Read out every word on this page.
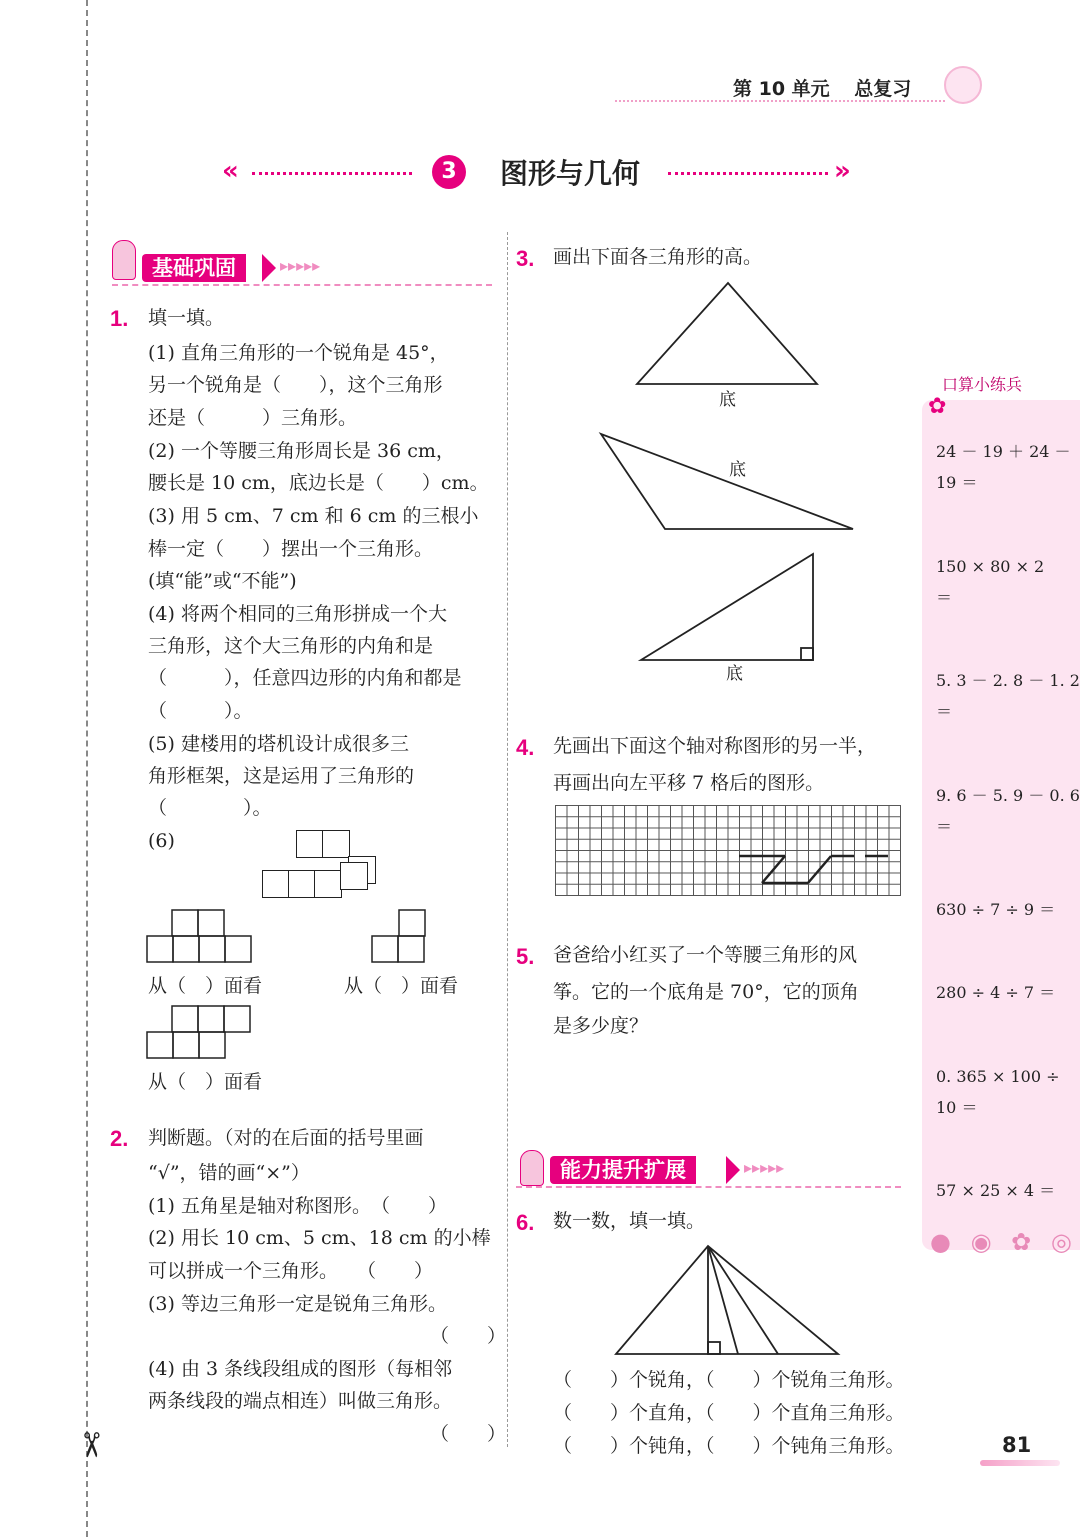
✂
第 10 单元 总复习
«	3	图形与几何	»
基础巩固	▸▸▸▸▸
1. 填一填。
(1) 直角三角形的一个锐角是 45°，
另一个锐角是（　　），这个三角形
还是（　　　）三角形。
(2) 一个等腰三角形周长是 36 cm，
腰长是 10 cm，底边长是（　　）cm。
(3) 用 5 cm、7 cm 和 6 cm 的三根小
棒一定（　　）摆出一个三角形。
(填“能”或“不能”)
(4) 将两个相同的三角形拼成一个大
三角形，这个大三角形的内角和是
（　　　），任意四边形的内角和都是
（　　　）。
(5) 建楼用的塔机设计成很多三
角形框架，这是运用了三角形的
（　　　　）。
(6)
从（　）面看	从（　）面看
从（　）面看
2. 判断题。（对的在后面的括号里画
“√”，错的画“×”）
(1) 五角星是轴对称图形。　（　　）
(2) 用长 10 cm、5 cm、18 cm 的小棒
可以拼成一个三角形。　　（　　）
(3) 等边三角形一定是锐角三角形。
（　　）
(4) 由 3 条线段组成的图形（每相邻
两条线段的端点相连）叫做三角形。
（　　）
3. 画出下面各三角形的高。
底
底
底
4. 先画出下面这个轴对称图形的另一半，
再画出向左平移 7 格后的图形。
5. 爸爸给小红买了一个等腰三角形的风
筝。它的一个底角是 70°，它的顶角
是多少度？
能力提升扩展	▸▸▸▸▸
6. 数一数，填一填。
（　　）个锐角，（　　）个锐角三角形。
（　　）个直角，（　　）个直角三角形。
（　　）个钝角，（　　）个钝角三角形。
口算小练兵
✿
24 － 19 ＋ 24 －
19 ＝
150 × 80 × 2
＝
5. 3 － 2. 8 － 1. 2
＝
9. 6 － 5. 9 － 0. 6
＝
630 ÷ 7 ÷ 9 ＝
280 ÷ 4 ÷ 7 ＝
0. 365 × 100 ÷
10 ＝
57 × 25 × 4 ＝
● ◉ ✿ ◎
81
